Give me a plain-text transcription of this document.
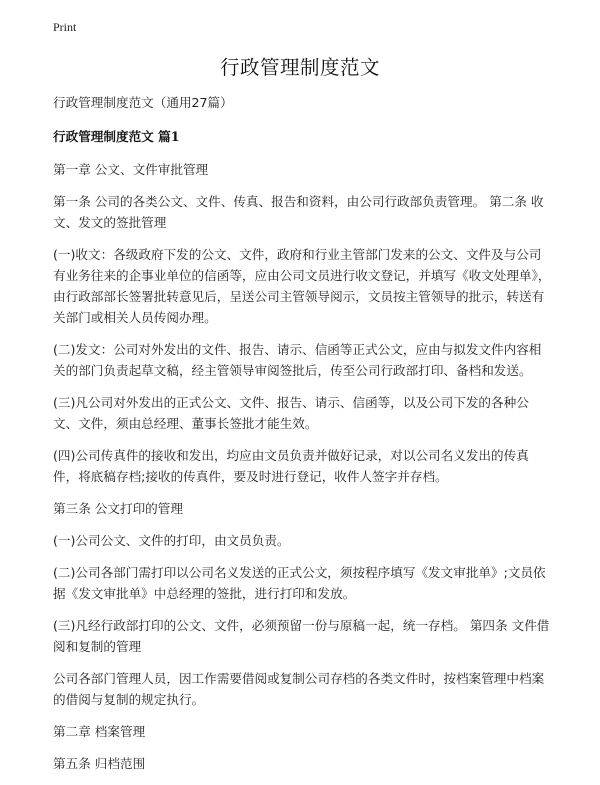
Print
行政管理制度范文

行政管理制度范文（通用27篇）

行政管理制度范文 篇1

第一章 公文、文件审批管理

第一条 公司的各类公文、文件、传真、报告和资料，由公司行政部负责管理。 第二条 收文、发文的签批管理

(一)收文：各级政府下发的公文、文件，政府和行业主管部门发来的公文、文件及与公司有业务往来的企事业单位的信函等，应由公司文员进行收文登记，并填写《收文处理单》，由行政部部长签署批转意见后，呈送公司主管领导阅示，文员按主管领导的批示，转送有关部门或相关人员传阅办理。

(二)发文：公司对外发出的文件、报告、请示、信函等正式公文，应由与拟发文件内容相关的部门负责起草文稿，经主管领导审阅签批后，传至公司行政部打印、备档和发送。

(三)凡公司对外发出的正式公文、文件、报告、请示、信函等，以及公司下发的各种公文、文件，须由总经理、董事长签批才能生效。

(四)公司传真件的接收和发出，均应由文员负责并做好记录，对以公司名义发出的传真件，将底稿存档;接收的传真件，要及时进行登记，收件人签字并存档。

第三条 公文打印的管理

(一)公司公文、文件的打印，由文员负责。

(二)公司各部门需打印以公司名义发送的正式公文，须按程序填写《发文审批单》;文员依据《发文审批单》中总经理的签批，进行打印和发放。

(三)凡经行政部打印的公文、文件，必须预留一份与原稿一起，统一存档。 第四条 文件借阅和复制的管理

公司各部门管理人员，因工作需要借阅或复制公司存档的各类文件时，按档案管理中档案的借阅与复制的规定执行。

第二章 档案管理

第五条 归档范围
